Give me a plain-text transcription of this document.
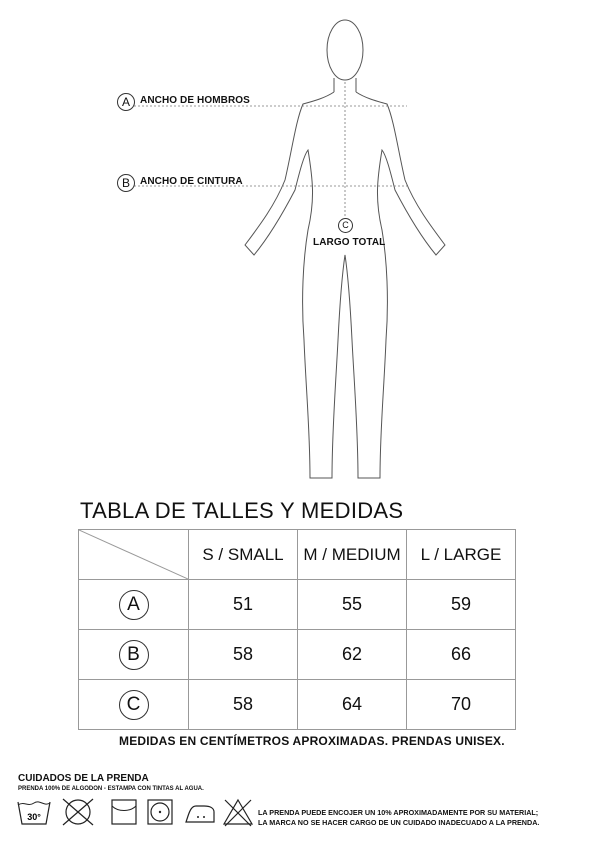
A	ANCHO DE HOMBROS
B	ANCHO DE CINTURA
C
LARGO TOTAL
TABLA DE TALLES Y MEDIDAS
	S / SMALL	M / MEDIUM	L / LARGE
A	51	55	59
B	58	62	66
C	58	64	70
MEDIDAS EN CENTÍMETROS APROXIMADAS. PRENDAS UNISEX.
CUIDADOS DE LA PRENDA
PRENDA 100% DE ALGODON - ESTAMPA CON TINTAS AL AGUA.
30°	LA PRENDA PUEDE ENCOJER UN 10% APROXIMADAMENTE POR SU MATERIAL;
LA MARCA NO SE HACER CARGO DE UN CUIDADO INADECUADO A LA PRENDA.
